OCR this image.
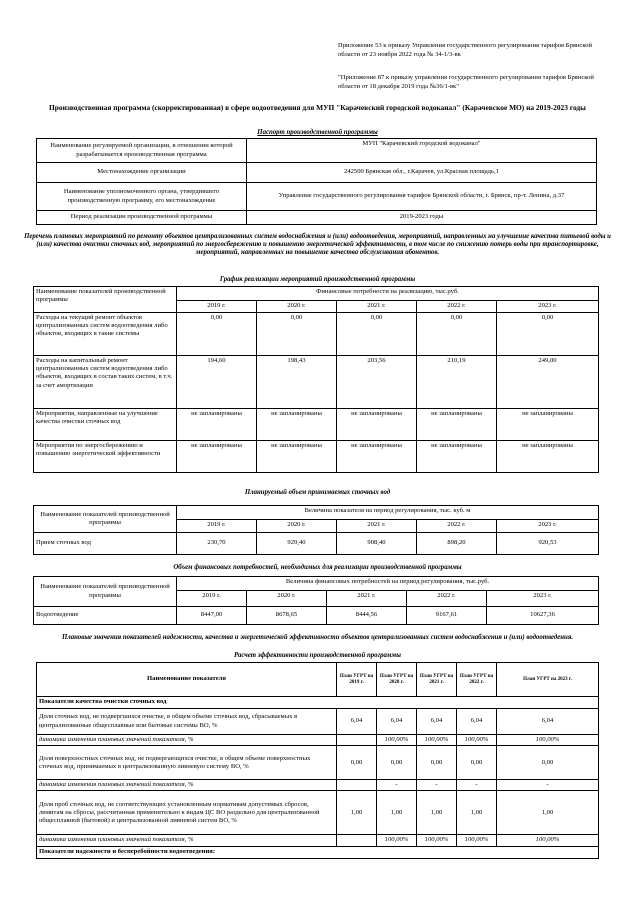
Приложение 53 к приказу Управления государственного регулирования тарифов Брянской области от 23 ноября 2022 года № 34-1/3-вк
"Приложение 87 к приказу управления государственного регулирования тарифов Брянской области от 18 декабря 2019 года №36/1-вк"
Производственная программа (скорректированная) в сфере водоотведения для МУП "Карачевский городской водоканал" (Карачевское МО) на 2019-2023 годы
Паспорт производственной программы
Наименование регулируемой организации, в отношении которой разрабатывается производственная программа	МУП "Карачевский городской водоканал"
Местонахождение организации	242500 Брянская обл., г.Карачев, ул.Красная площадь,1
Наименование уполномоченного органа, утвердившего производственную программу, его местонахождение	Управление государственного регулирования тарифов Брянской области, г. Брянск, пр-т. Ленина, д.37
Период реализации производственной программы	2019-2023 годы
Перечень плановых мероприятий по ремонту объектов централизованных систем водоснабжения и (или) водоотведения, мероприятий, направленных на улучшение качества питьевой воды и (или) качества очистки сточных вод, мероприятий по энергосбережению и повышению энергетической эффективности, в том числе по снижению потерь воды при транспортировке, мероприятий, направленных на повышение качества обслуживания абонентов.
График реализации мероприятий производственной программы
Наименование показателей производственной программы	Финансовые потребности на реализацию, тыс.руб.				
	2019 г.	2020 г.	2021 г.	2022 г.	2023 г.
Расходы на текущий ремонт объектов централизованных систем водоотведения либо объектов, входящих в такие системы	0,00	0,00	0,00	0,00	0,00
Расходы на капитальный ремонт централизованных систем водоотведения либо объектов, входящих в состав таких систем, в т.ч. за счет амортизации	194,60	198,43	203,56	210,19	249,00
Мероприятия, направленные на улучшение качества очистки сточных вод	не запланированы	не запланированы	не запланированы	не запланированы	не запланированы
Мероприятия по энергосбережению и повышению энергетической эффективности	не запланированы	не запланированы	не запланированы	не запланированы	не запланированы
Планируемый объем принимаемых сточных вод
Наименование показателей производственной программы	Величина показателя на период регулирования, тыс. куб. м				
	2019 г.	2020 г.	2021 г.	2022 г.	2023 г.
Прием сточных вод	230,70	929,40	908,40	898,20	920,53
Объем финансовых потребностей, необходимых для реализации производственной программы
Наименование показателей производственной программы	Величина финансовых потребностей на период регулирования, тыс.руб.				
	2019 г.	2020 г.	2021 г.	2022 г.	2023 г.
Водоотведение	8447,00	8678,65	8444,56	9167,61	10627,36
Плановые значения показателей надежности, качества и энергетической эффективности объектов централизованных систем водоснабжения и (или) водоотведения.
Расчет эффективности производственной программы
Наименование показателя	План УГРТ на 2019 г.	План УГРТ на 2020 г.	План УГРТ на 2021 г.	План УГРТ на 2022 г.	План УГРТ на 2023 г.
Показатели качества очистки сточных вод					
Доля сточных вод, не подвергшихся очистке, в общем объеме сточных вод, сбрасываемых в централизованные общесплавные или бытовые системы ВО, %	6,04	6,04	6,04	6,04	6,04
динамика изменения плановых значений показателя, %		100,00%	100,00%	100,00%	100,00%
Доля поверхностных сточных вод, не подвергающихся очистке, в общем объеме поверхностных сточных вод, принимаемых в централизованную ливневую систему ВО, %	0,00	0,00	0,00	0,00	0,00
динамика изменения плановых значений показателя, %		-	-	-	-
Доля проб сточных вод, не соответствующих установленным нормативам допустимых сбросов, лимитам на сбросы, рассчитанная применительно к видам ЦС ВО раздельно для централизованной общесплавной (бытовой) и централизованной ливневой систем ВО, %	1,00	1,00	1,00	1,00	1,00
динамика изменения плановых значений показателя, %		100,00%	100,00%	100,00%	100,00%
Показатели надежности и бесперебойности водоотведения:					
